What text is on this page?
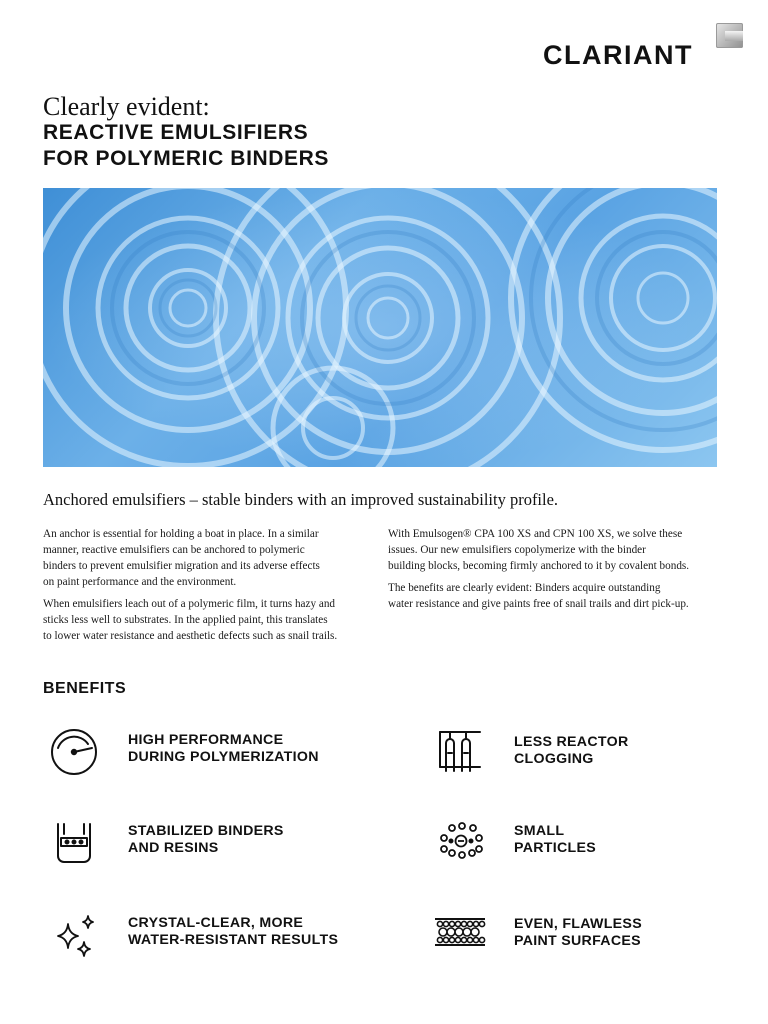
CLARIANT
Clearly evident:
REACTIVE EMULSIFIERS
FOR POLYMERIC BINDERS
Anchored emulsifiers – stable binders with an improved sustainability profile.
An anchor is essential for holding a boat in place. In a similar
manner, reactive emulsifiers can be anchored to polymeric
binders to prevent emulsifier migration and its adverse effects
on paint performance and the environment.
When emulsifiers leach out of a polymeric film, it turns hazy and
sticks less well to substrates. In the applied paint, this translates
to lower water resistance and aesthetic defects such as snail trails.
With Emulsogen® CPA 100 XS and CPN 100 XS, we solve these
issues. Our new emulsifiers copolymerize with the binder
building blocks, becoming firmly anchored to it by covalent bonds.
The benefits are clearly evident: Binders acquire outstanding
water resistance and give paints free of snail trails and dirt pick-up.
BENEFITS
HIGH PERFORMANCE
DURING POLYMERIZATION
LESS REACTOR
CLOGGING
STABILIZED BINDERS
AND RESINS
SMALL
PARTICLES
CRYSTAL-CLEAR, MORE
WATER-RESISTANT RESULTS
EVEN, FLAWLESS
PAINT SURFACES
